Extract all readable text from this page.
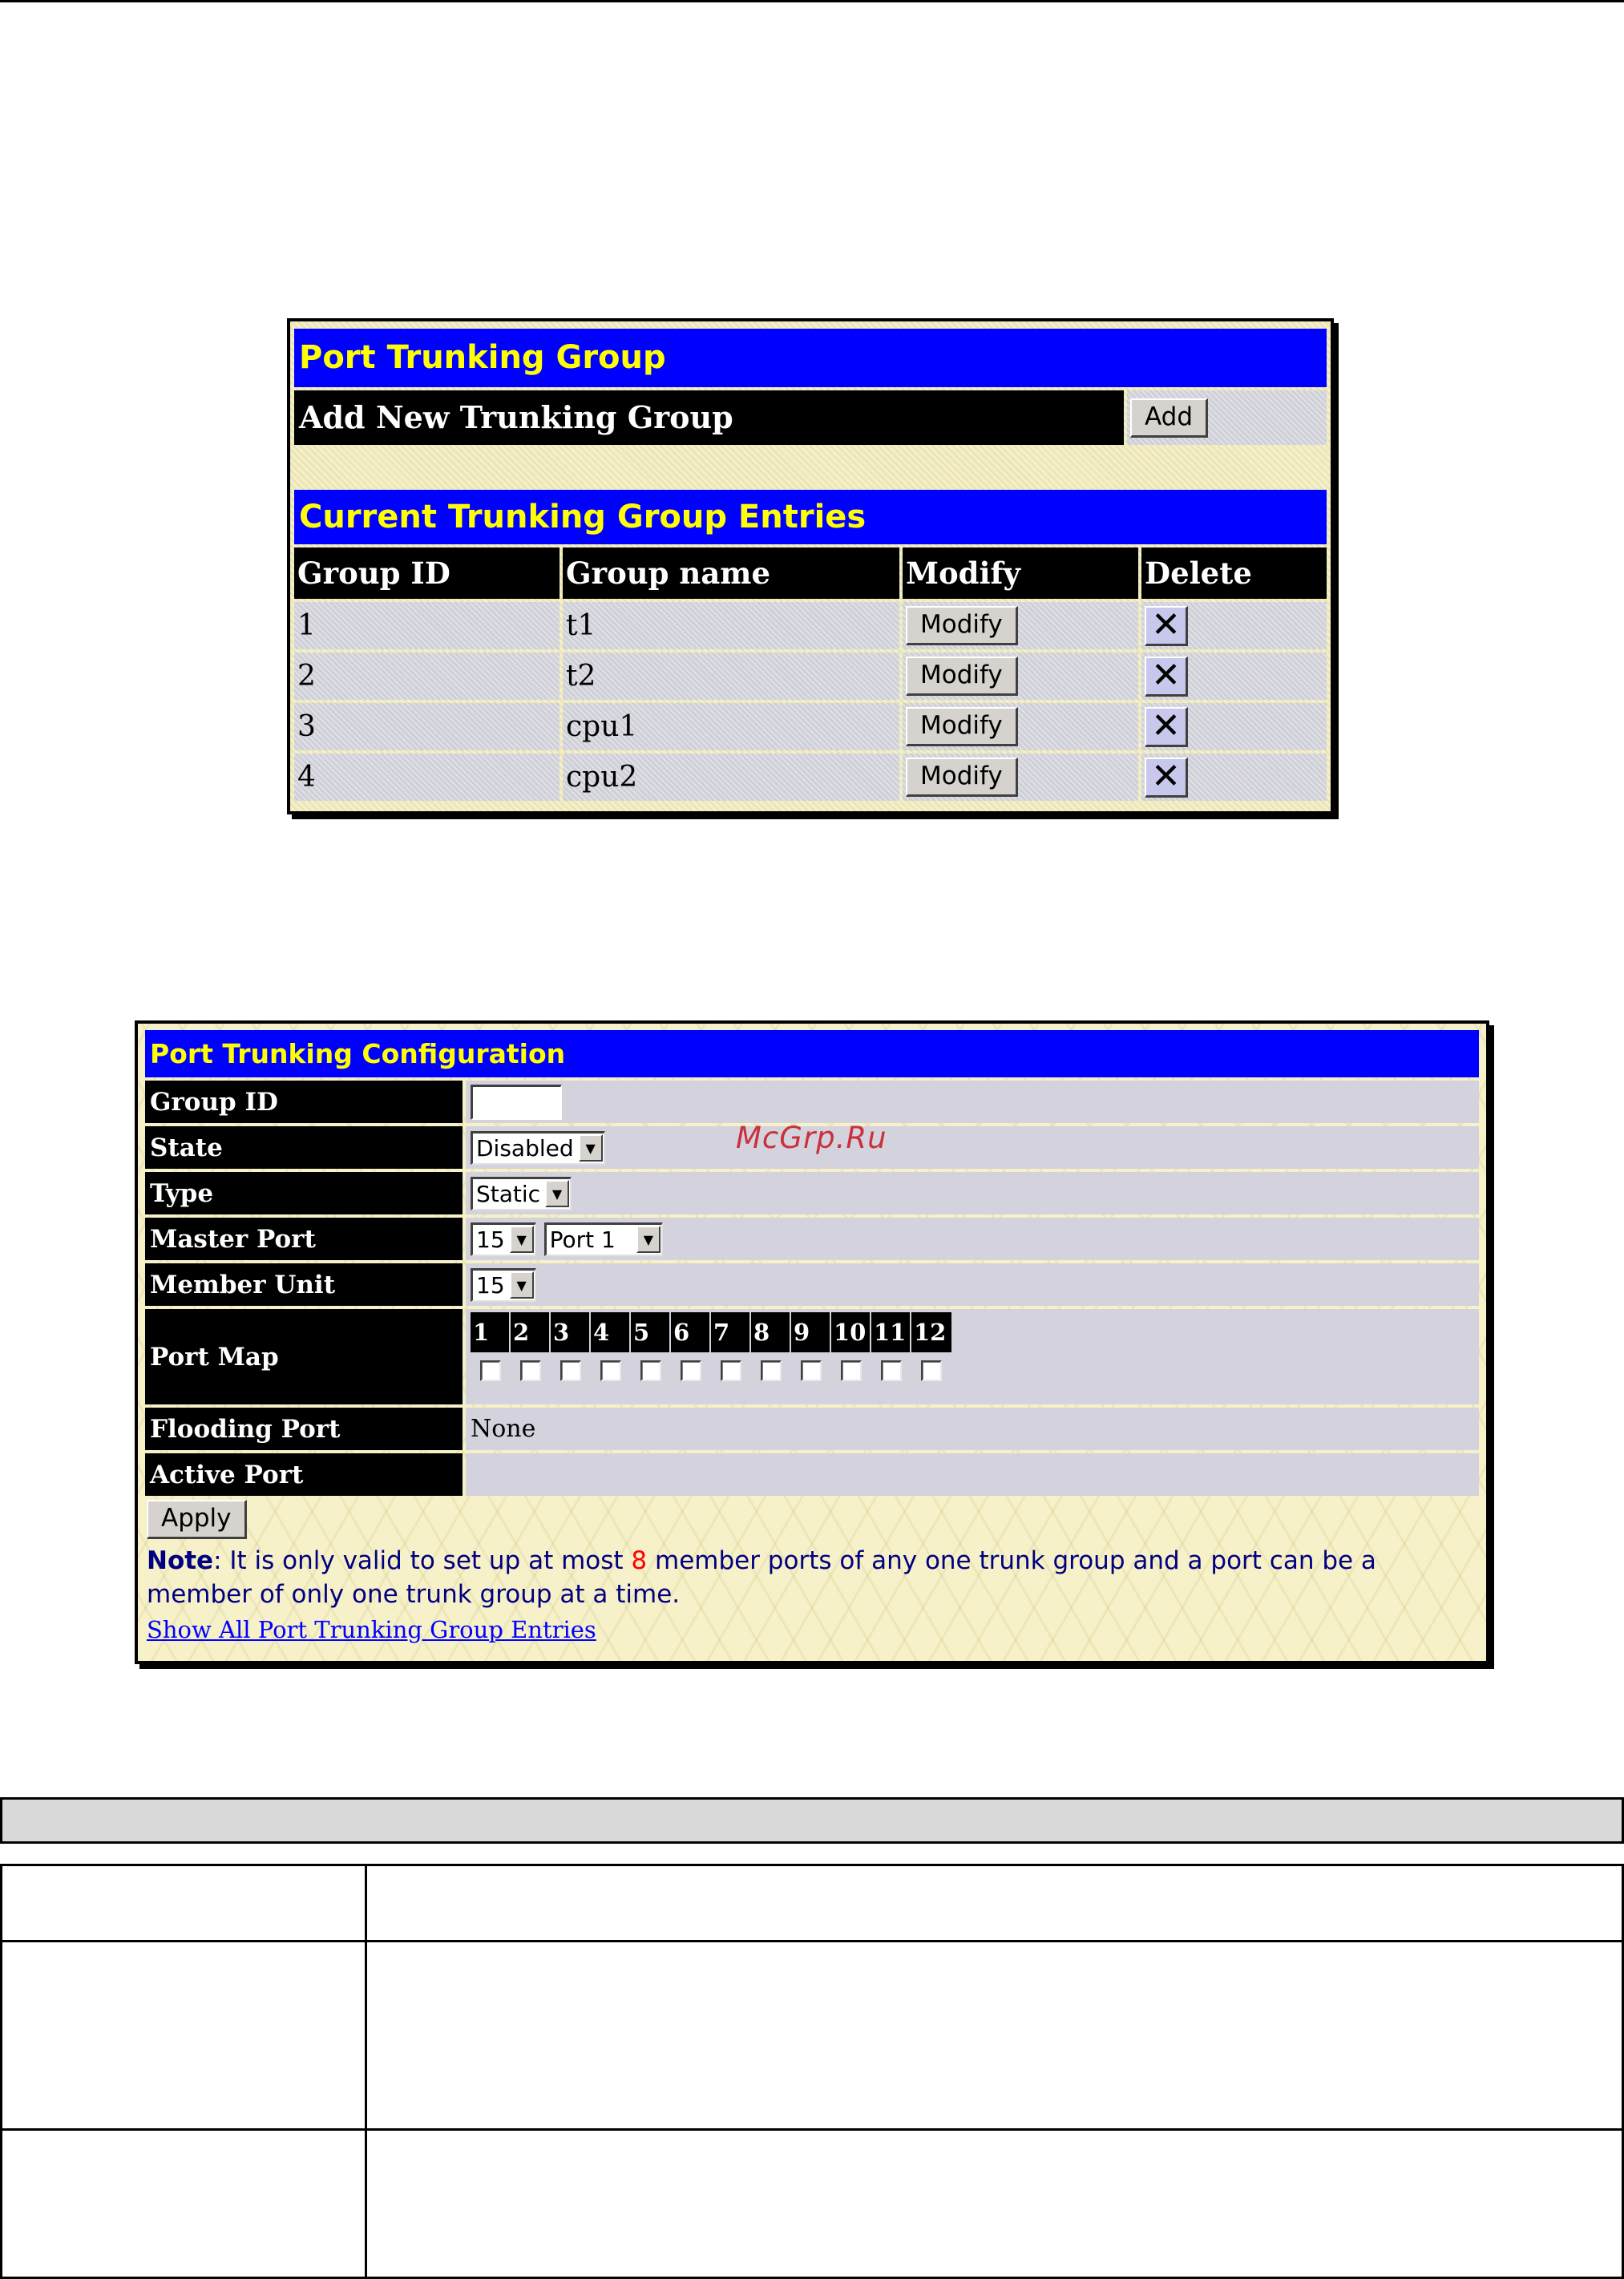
Port Trunking Group
Add New Trunking Group	Add
Current Trunking Group Entries
Group ID	Group name	Modify	Delete
1	t1	Modify	✕

2	t2	Modify	✕

3	cpu1	Modify	✕

4	cpu2	Modify	✕
Port Trunking Configuration
Group ID
State	Disabled ▼
Type	Static ▼
Master Port	15 ▼	Port 1	▼
Member Unit	15 ▼
Port Map
1	2	3	4	5	6	7	8	9	10 11 12
Flooding Port	None
Active Port
Apply
Note: It is only valid to set up at most 8 member ports of any one trunk group and a port can be a member of only one trunk group at a time.
Show All Port Trunking Group Entries
McGrp.Ru
